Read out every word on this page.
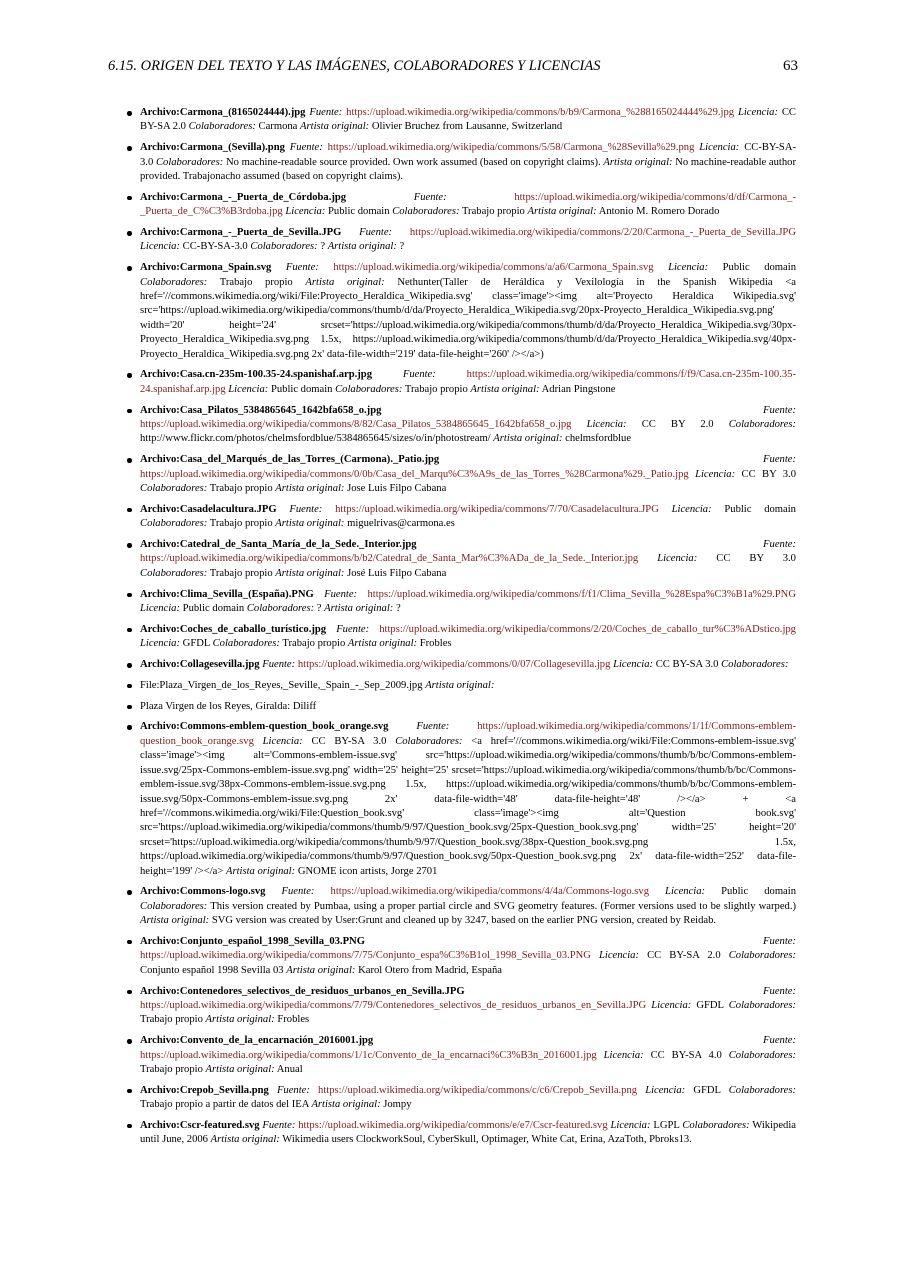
6.15. ORIGEN DEL TEXTO Y LAS IMÁGENES, COLABORADORES Y LICENCIAS	63
Archivo:Carmona_(8165024444).jpg Fuente: https://upload.wikimedia.org/wikipedia/commons/b/b9/Carmona_%288165024444%29.jpg Licencia: CC BY-SA 2.0 Colaboradores: Carmona Artista original: Olivier Bruchez from Lausanne, Switzerland
Archivo:Carmona_(Sevilla).png Fuente: https://upload.wikimedia.org/wikipedia/commons/5/58/Carmona_%28Sevilla%29.png Licencia: CC-BY-SA-3.0 Colaboradores: No machine-readable source provided. Own work assumed (based on copyright claims). Artista original: No machine-readable author provided. Trabajonacho assumed (based on copyright claims).
Archivo:Carmona_-_Puerta_de_Córdoba.jpg	Fuente:	https://upload.wikimedia.org/wikipedia/commons/d/df/Carmona_-_Puerta_de_C%C3%B3rdoba.jpg Licencia: Public domain Colaboradores: Trabajo propio Artista original: Antonio M. Romero Dorado
Archivo:Carmona_-_Puerta_de_Sevilla.JPG Fuente: https://upload.wikimedia.org/wikipedia/commons/2/20/Carmona_-_Puerta_de_Sevilla.JPG Licencia: CC-BY-SA-3.0 Colaboradores: ? Artista original: ?
Archivo:Carmona_Spain.svg Fuente: https://upload.wikimedia.org/wikipedia/commons/a/a6/Carmona_Spain.svg Licencia: Public domain Colaboradores: Trabajo propio Artista original: Nethunter(Taller de Heráldica y Vexilología in the Spanish Wikipedia <a href='//commons.wikimedia.org/wiki/File:Proyecto_Heraldica_Wikipedia.svg' class='image'><img alt='Proyecto Heraldica Wikipedia.svg' src='https://upload.wikimedia.org/wikipedia/commons/thumb/d/da/Proyecto_Heraldica_Wikipedia.svg/20px-Proyecto_Heraldica_Wikipedia.svg.png' width='20' height='24' srcset='https://upload.wikimedia.org/wikipedia/commons/thumb/d/da/Proyecto_Heraldica_Wikipedia.svg/30px-Proyecto_Heraldica_Wikipedia.svg.png 1.5x, https://upload.wikimedia.org/wikipedia/commons/thumb/d/da/Proyecto_Heraldica_Wikipedia.svg/40px-Proyecto_Heraldica_Wikipedia.svg.png 2x' data-file-width='219' data-file-height='260' /></a>)
Archivo:Casa.cn-235m-100.35-24.spanishaf.arp.jpg	Fuente:	https://upload.wikimedia.org/wikipedia/commons/f/f9/Casa.cn-235m-100.35-24.spanishaf.arp.jpg Licencia: Public domain Colaboradores: Trabajo propio Artista original: Adrian Pingstone
Archivo:Casa_Pilatos_5384865645_1642bfa658_o.jpg	Fuente: https://upload.wikimedia.org/wikipedia/commons/8/82/Casa_Pilatos_5384865645_1642bfa658_o.jpg Licencia: CC BY 2.0 Colaboradores: http://www.flickr.com/photos/chelmsfordblue/5384865645/sizes/o/in/photostream/ Artista original: chelmsfordblue
Archivo:Casa_del_Marqués_de_las_Torres_(Carmona)._Patio.jpg	Fuente: https://upload.wikimedia.org/wikipedia/commons/0/0b/Casa_del_Marqu%C3%A9s_de_las_Torres_%28Carmona%29._Patio.jpg Licencia: CC BY 3.0 Colaboradores: Trabajo propio Artista original: Jose Luis Filpo Cabana
Archivo:Casadelacultura.JPG Fuente: https://upload.wikimedia.org/wikipedia/commons/7/70/Casadelacultura.JPG Licencia: Public domain Colaboradores: Trabajo propio Artista original: miguelrivas@carmona.es
Archivo:Catedral_de_Santa_María_de_la_Sede._Interior.jpg	Fuente: https://upload.wikimedia.org/wikipedia/commons/b/b2/Catedral_de_Santa_Mar%C3%ADa_de_la_Sede._Interior.jpg Licencia: CC BY 3.0 Colaboradores: Trabajo propio Artista original: José Luis Filpo Cabana
Archivo:Clima_Sevilla_(España).PNG Fuente: https://upload.wikimedia.org/wikipedia/commons/f/f1/Clima_Sevilla_%28Espa%C3%B1a%29.PNG Licencia: Public domain Colaboradores: ? Artista original: ?
Archivo:Coches_de_caballo_turístico.jpg Fuente: https://upload.wikimedia.org/wikipedia/commons/2/20/Coches_de_caballo_tur%C3%ADstico.jpg Licencia: GFDL Colaboradores: Trabajo propio Artista original: Frobles
Archivo:Collagesevilla.jpg Fuente: https://upload.wikimedia.org/wikipedia/commons/0/07/Collagesevilla.jpg Licencia: CC BY-SA 3.0 Colaboradores:
File:Plaza_Virgen_de_los_Reyes,_Seville,_Spain_-_Sep_2009.jpg Artista original:
Plaza Virgen de los Reyes, Giralda: Diliff
Archivo:Commons-emblem-question_book_orange.svg	Fuente:	https://upload.wikimedia.org/wikipedia/commons/1/1f/Commons-emblem-question_book_orange.svg Licencia: CC BY-SA 3.0 Colaboradores: <a href='//commons.wikimedia.org/wiki/File:Commons-emblem-issue.svg' class='image'><img alt='Commons-emblem-issue.svg' src='https://upload.wikimedia.org/wikipedia/commons/thumb/b/bc/Commons-emblem-issue.svg/25px-Commons-emblem-issue.svg.png' width='25' height='25' srcset='https://upload.wikimedia.org/wikipedia/commons/thumb/b/bc/Commons-emblem-issue.svg/38px-Commons-emblem-issue.svg.png 1.5x, https://upload.wikimedia.org/wikipedia/commons/thumb/b/bc/Commons-emblem-issue.svg/50px-Commons-emblem-issue.svg.png 2x' data-file-width='48' data-file-height='48' /></a> + <a href='//commons.wikimedia.org/wiki/File:Question_book.svg' class='image'><img alt='Question book.svg' src='https://upload.wikimedia.org/wikipedia/commons/thumb/9/97/Question_book.svg/25px-Question_book.svg.png' width='25' height='20' srcset='https://upload.wikimedia.org/wikipedia/commons/thumb/9/97/Question_book.svg/38px-Question_book.svg.png 1.5x, https://upload.wikimedia.org/wikipedia/commons/thumb/9/97/Question_book.svg/50px-Question_book.svg.png 2x' data-file-width='252' data-file-height='199' /></a> Artista original: GNOME icon artists, Jorge 2701
Archivo:Commons-logo.svg Fuente: https://upload.wikimedia.org/wikipedia/commons/4/4a/Commons-logo.svg Licencia: Public domain Colaboradores: This version created by Pumbaa, using a proper partial circle and SVG geometry features. (Former versions used to be slightly warped.) Artista original: SVG version was created by User:Grunt and cleaned up by 3247, based on the earlier PNG version, created by Reidab.
Archivo:Conjunto_español_1998_Sevilla_03.PNG	Fuente: https://upload.wikimedia.org/wikipedia/commons/7/75/Conjunto_espa%C3%B1ol_1998_Sevilla_03.PNG Licencia: CC BY-SA 2.0 Colaboradores: Conjunto español 1998 Sevilla 03 Artista original: Karol Otero from Madrid, España
Archivo:Contenedores_selectivos_de_residuos_urbanos_en_Sevilla.JPG	Fuente: https://upload.wikimedia.org/wikipedia/commons/7/79/Contenedores_selectivos_de_residuos_urbanos_en_Sevilla.JPG Licencia: GFDL Colaboradores: Trabajo propio Artista original: Frobles
Archivo:Convento_de_la_encarnación_2016001.jpg	Fuente: https://upload.wikimedia.org/wikipedia/commons/1/1c/Convento_de_la_encarnaci%C3%B3n_2016001.jpg Licencia: CC BY-SA 4.0 Colaboradores: Trabajo propio Artista original: Anual
Archivo:Crepob_Sevilla.png Fuente: https://upload.wikimedia.org/wikipedia/commons/c/c6/Crepob_Sevilla.png Licencia: GFDL Colaboradores: Trabajo propio a partir de datos del IEA Artista original: Jompy
Archivo:Cscr-featured.svg Fuente: https://upload.wikimedia.org/wikipedia/commons/e/e7/Cscr-featured.svg Licencia: LGPL Colaboradores: Wikipedia until June, 2006 Artista original: Wikimedia users ClockworkSoul, CyberSkull, Optimager, White Cat, Erina, AzaToth, Pbroks13.
